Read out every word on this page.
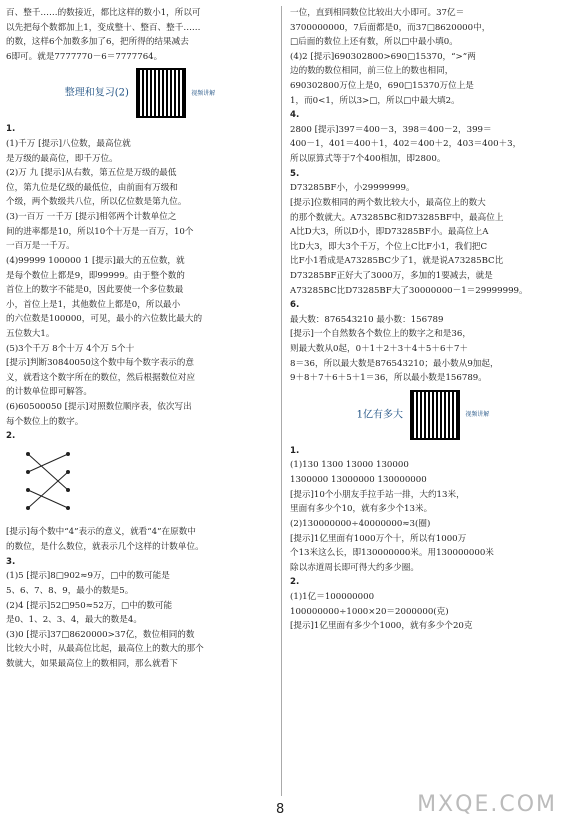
百、整千……的数接近，都比这样的数小1，所以可

以先把每个数都加上1，变成整十、整百、整千……

的数，这样6个加数多加了6，把所得的结果减去

6即可。就是7777770－6＝7777764。

整理和复习(2)	视频讲解

1.

(1)千万 [提示]八位数，最高位就

是万级的最高位，即千万位。

(2)万 九 [提示]从右数，第五位是万级的最低

位，第九位是亿级的最低位，由前面有万级和

个级，两个数级共八位，所以亿位数是第九位。

(3)一百万 一千万 [提示]相邻两个计数单位之

间的进率都是10，所以10个十万是一百万，10个

一百万是一千万。

(4)99999 100000 1 [提示]最大的五位数，就

是每个数位上都是9，即99999。由于整个数的

首位上的数字不能是0，因此要使一个多位数最

小，首位上是1，其他数位上都是0，所以最小

的六位数是100000，可见，最小的六位数比最大的

五位数大1。

(5)3个千万 8个十万 4个万 5个十

[提示]判断30840050这个数中每个数字表示的意

义，就看这个数字所在的数位，然后根据数位对应

的计数单位即可解答。

(6)60500050 [提示]对照数位顺序表，依次写出

每个数位上的数字。

2.

[提示]每个数中“4”表示的意义，就看“4”在原数中

的数位，是什么数位，就表示几个这样的计数单位。

3.

(1)5 [提示]8□902≈9万，□中的数可能是

5、6、7、8、9，最小的数是5。

(2)4 [提示]52□950≈52万，□中的数可能

是0、1、2、3、4，最大的数是4。

(3)0 [提示]37□8620000>37亿，数位相同的数

比较大小时，从最高位比起，最高位上的数大的那个

数就大，如果最高位上的数相同，那么就看下

一位，直到相同数位比较出大小即可。37亿＝

3700000000，7后面都是0，而37□8620000中，

□后面的数位上还有数，所以□中最小填0。

(4)2 [提示]690302800>690□15370，“>”两

边的数的数位相同，前三位上的数也相同，

690302800万位上是0，690□15370万位上是

1，而0<1，所以3>□，所以□中最大填2。

4.

2800 [提示]397＝400－3，398＝400－2，399＝

400－1，401＝400＋1，402＝400＋2，403＝400＋3，

所以原算式等于7个400相加，即2800。

5.

D73285BF小，小29999999。

[提示]位数相同的两个数比较大小，最高位上的数大

的那个数就大。A73285BC和D73285BF中，最高位上

A比D大3，所以D小，即D73285BF小。最高位上A

比D大3，即大3个千万，个位上C比F小1，我们把C

比F小1看成是A73285BC少了1，就是说A73285BC比

D73285BF正好大了3000万，多加的1要减去，就是

A73285BC比D73285BF大了30000000－1＝29999999。

6.

最大数：876543210 最小数：156789

[提示]一个自然数各个数位上的数字之和是36，

则最大数从0起，0＋1＋2＋3＋4＋5＋6＋7＋

8＝36，所以最大数是876543210；最小数从9加起，

9＋8＋7＋6＋5＋1＝36，所以最小数是156789。

1亿有多大	视频讲解

1.

(1)130 1300 13000 130000

1300000 13000000 130000000

[提示]10个小朋友手拉手站一排，大约13米，

里面有多少个10，就有多少个13米。

(2)130000000÷40000000≈3(圈)

[提示]1亿里面有1000万个十，所以有1000万

个13米这么长，即130000000米。用130000000米

除以赤道周长即可得大约多少圈。

2.

(1)1亿＝100000000

100000000÷1000×20＝2000000(克)

[提示]1亿里面有多少个1000，就有多少个20克

8	MXQE.COM
